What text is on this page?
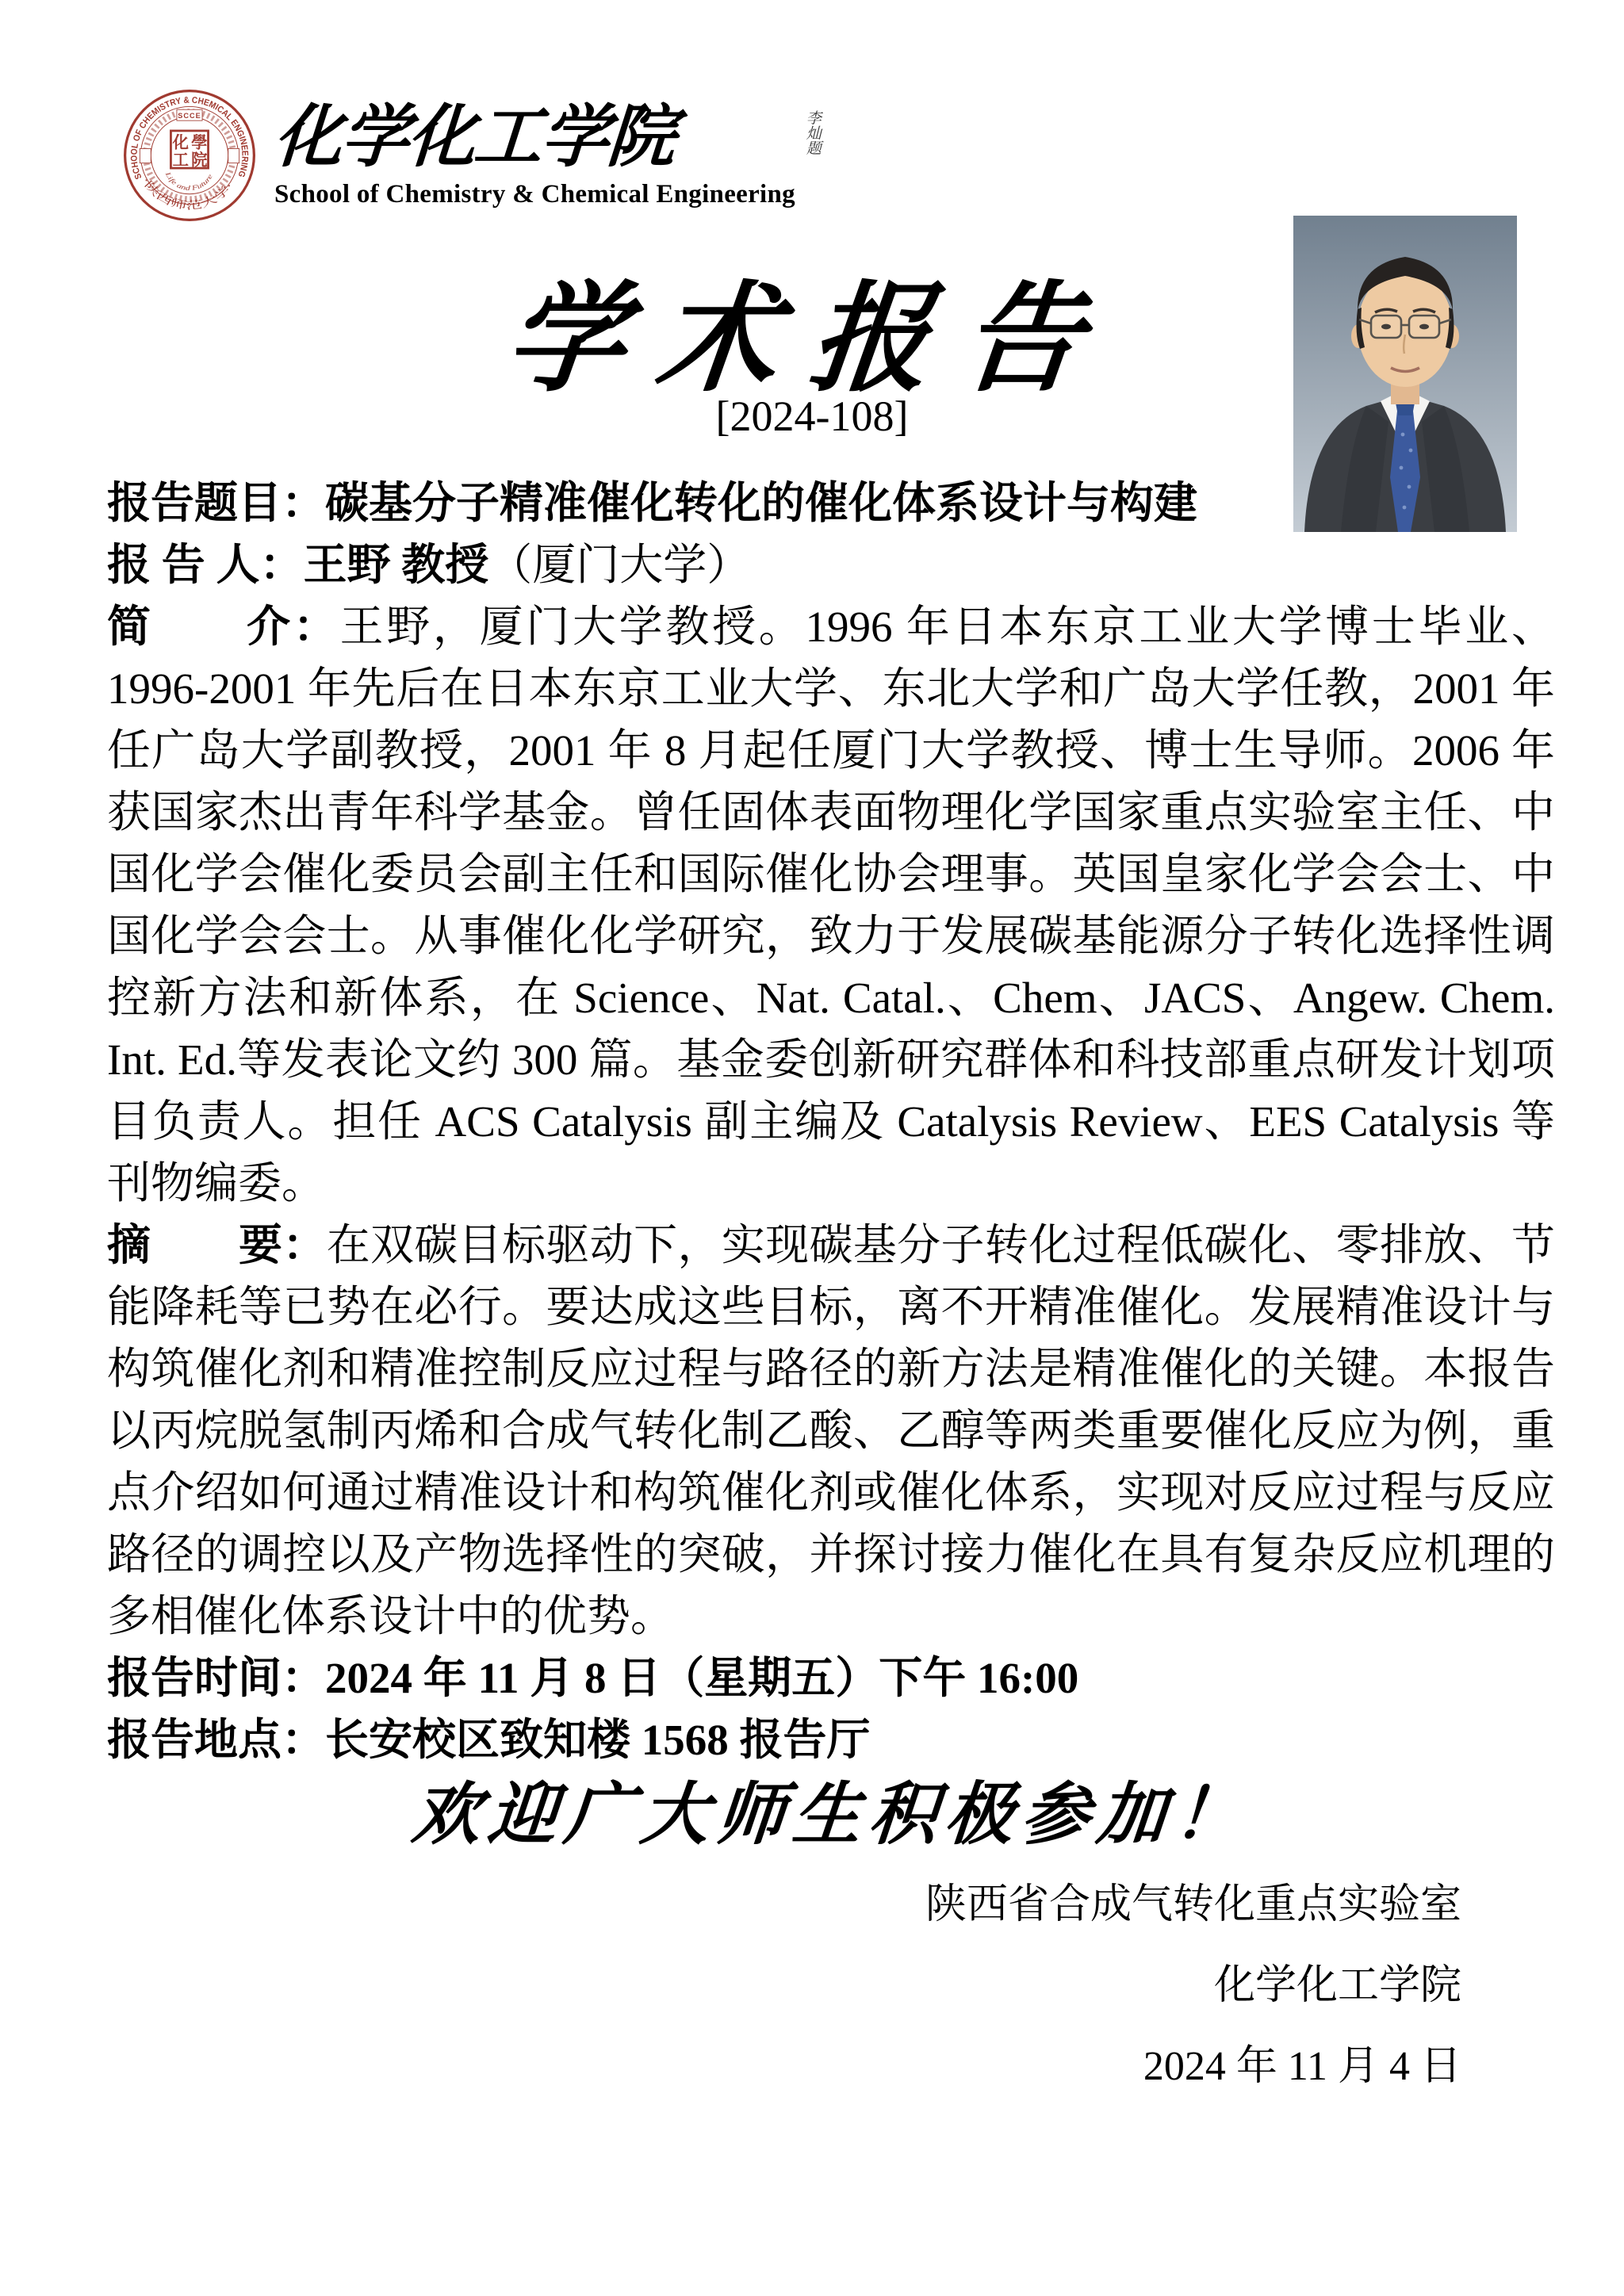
SCHOOL OF CHEMISTRY & CHEMICAL ENGINEERING
SCCE
化 學
工 院
Life and Future
·陕西师范大学·
化学化工学院
School of Chemistry & Chemical Engineering
李灿题
学术报告
[2024-108]

报告题目：碳基分子精准催化转化的催化体系设计与构建

报 告 人：王野 教授（厦门大学）

简　　介：王野，厦门大学教授。1996 年日本东京工业大学博士毕业、1996-2001 年先后在日本东京工业大学、东北大学和广岛大学任教，2001 年任广岛大学副教授，2001 年 8 月起任厦门大学教授、博士生导师。2006 年获国家杰出青年科学基金。曾任固体表面物理化学国家重点实验室主任、中国化学会催化委员会副主任和国际催化协会理事。英国皇家化学会会士、中国化学会会士。从事催化化学研究，致力于发展碳基能源分子转化选择性调控新方法和新体系，在 Science、Nat. Catal.、Chem、JACS、Angew. Chem. Int. Ed.等发表论文约 300 篇。基金委创新研究群体和科技部重点研发计划项目负责人。担任 ACS Catalysis 副主编及 Catalysis Review、EES Catalysis 等刊物编委。

摘　　要：在双碳目标驱动下，实现碳基分子转化过程低碳化、零排放、节能降耗等已势在必行。要达成这些目标，离不开精准催化。发展精准设计与构筑催化剂和精准控制反应过程与路径的新方法是精准催化的关键。本报告以丙烷脱氢制丙烯和合成气转化制乙酸、乙醇等两类重要催化反应为例，重点介绍如何通过精准设计和构筑催化剂或催化体系，实现对反应过程与反应路径的调控以及产物选择性的突破，并探讨接力催化在具有复杂反应机理的多相催化体系设计中的优势。

报告时间：2024 年 11 月 8 日（星期五）下午 16:00

报告地点：长安校区致知楼 1568 报告厅

欢迎广大师生积极参加！
陕西省合成气转化重点实验室
化学化工学院
2024 年 11 月 4 日
